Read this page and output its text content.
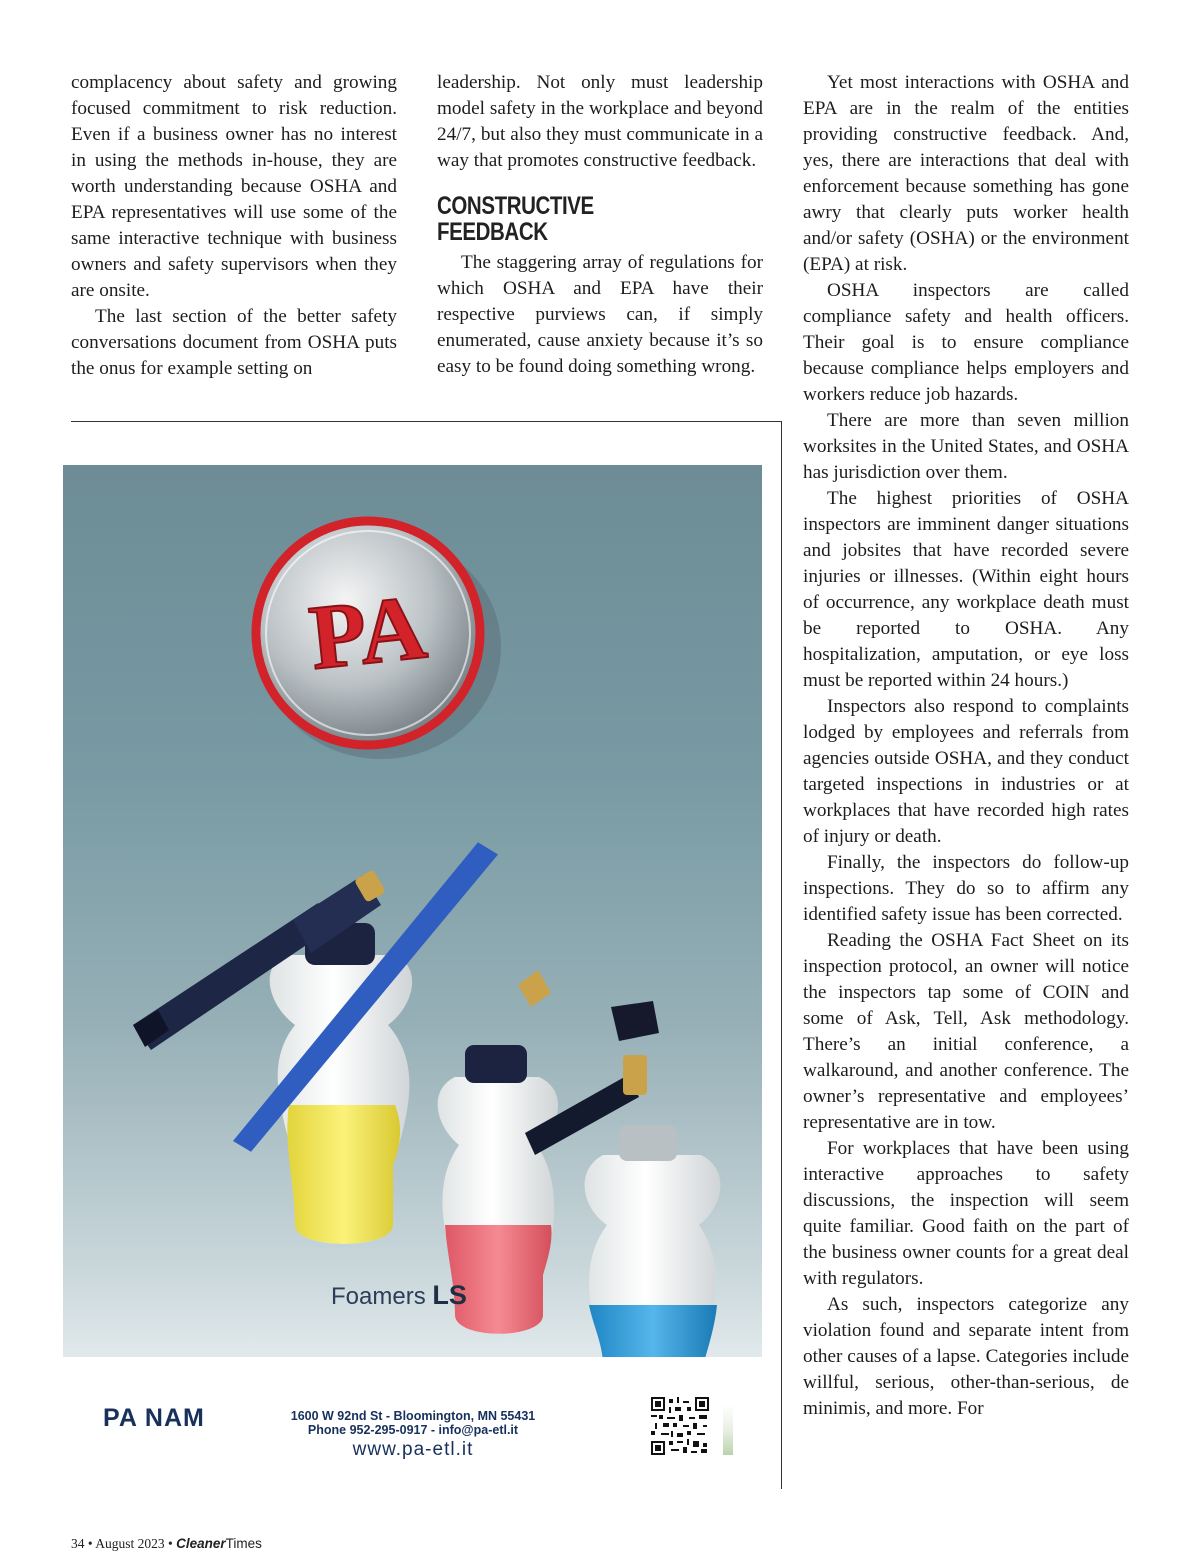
complacency about safety and growing focused commitment to risk reduction. Even if a business owner has no interest in using the methods in-house, they are worth understanding because OSHA and EPA representatives will use some of the same interactive technique with business owners and safety supervisors when they are onsite.

The last section of the better safety conversations document from OSHA puts the onus for example setting on

leadership. Not only must leadership model safety in the workplace and beyond 24/7, but also they must communicate in a way that promotes constructive feedback.

CONSTRUCTIVE FEEDBACK

The staggering array of regulations for which OSHA and EPA have their respective purviews can, if simply enumerated, cause anxiety because it’s so easy to be found doing something wrong.

Yet most interactions with OSHA and EPA are in the realm of the entities providing constructive feedback. And, yes, there are interactions that deal with enforcement because something has gone awry that clearly puts worker health and/or safety (OSHA) or the environment (EPA) at risk.

OSHA inspectors are called compliance safety and health officers. Their goal is to ensure compliance because compliance helps employers and workers reduce job hazards.

There are more than seven million worksites in the United States, and OSHA has jurisdiction over them.

The highest priorities of OSHA inspectors are imminent danger situations and jobsites that have recorded severe injuries or illnesses. (Within eight hours of occurrence, any workplace death must be reported to OSHA. Any hospitalization, amputation, or eye loss must be reported within 24 hours.)

Inspectors also respond to complaints lodged by employees and referrals from agencies outside OSHA, and they conduct targeted inspections in industries or at workplaces that have recorded high rates of injury or death.

Finally, the inspectors do follow-up inspections. They do so to affirm any identified safety issue has been corrected.

Reading the OSHA Fact Sheet on its inspection protocol, an owner will notice the inspectors tap some of COIN and some of Ask, Tell, Ask methodology. There’s an initial conference, a walkaround, and another conference. The owner’s representative and employees’ representative are in tow.

For workplaces that have been using interactive approaches to safety discussions, the inspection will seem quite familiar. Good faith on the part of the business owner counts for a great deal with regulators.

As such, inspectors categorize any violation found and separate intent from other causes of a lapse. Categories include willful, serious, other-than-serious, de minimis, and more. For

PA
Foamers LS
PA NAM	1600 W 92nd St - Bloomington, MN 55431
Phone 952-295-0917 - info@pa-etl.it
www.pa-etl.it
34 • August 2023 • CleanerTimes
